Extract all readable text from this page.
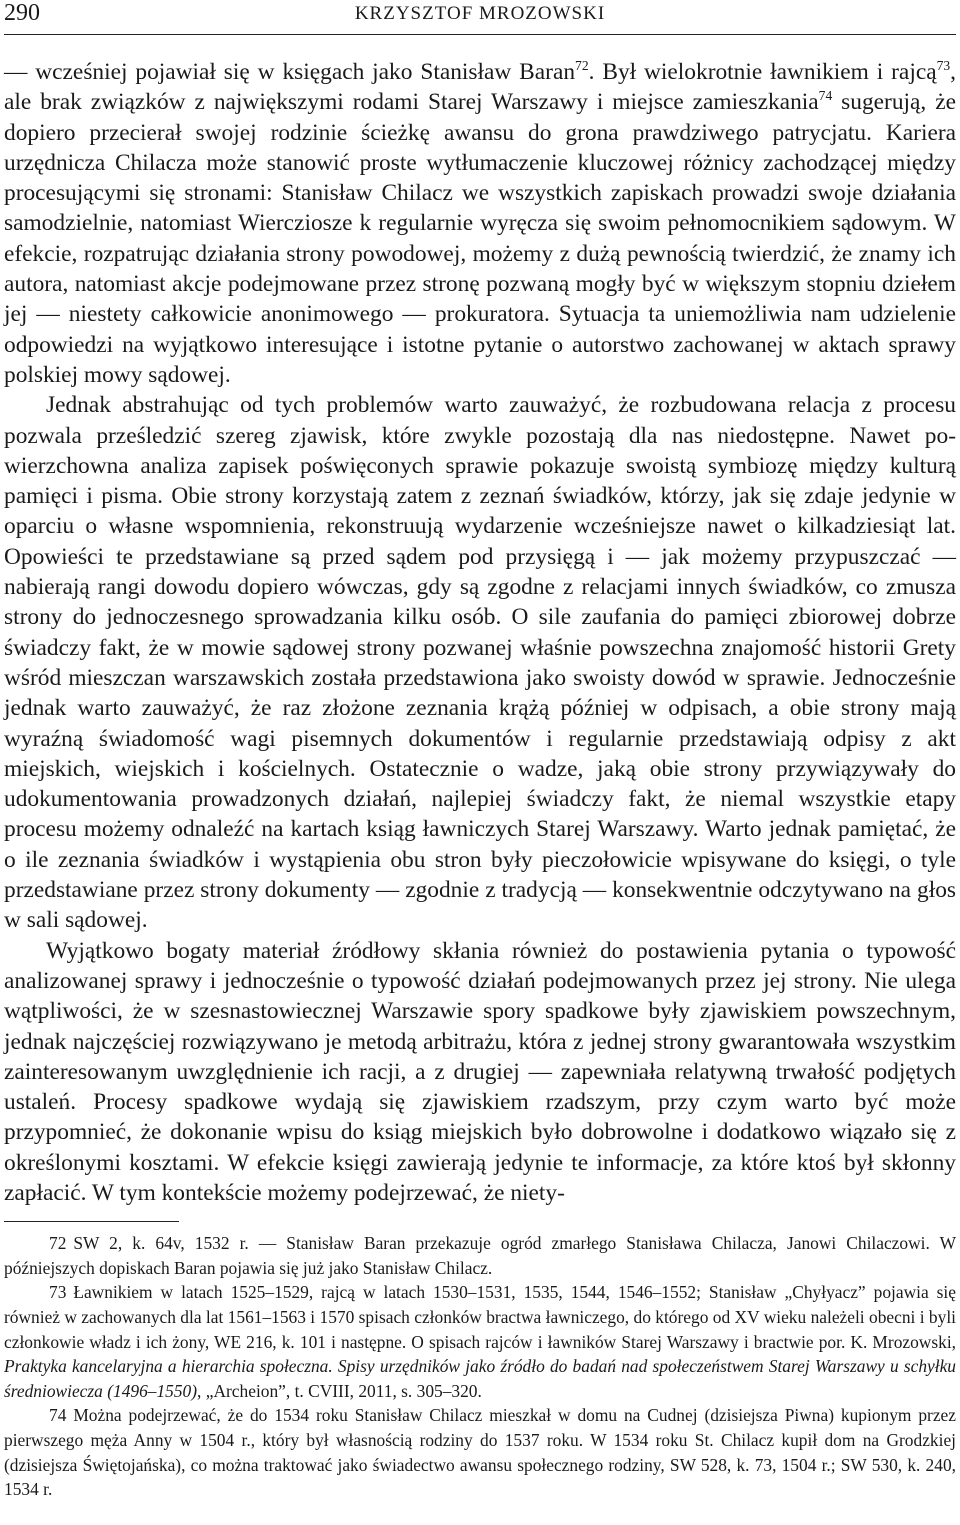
290	KRZYSZTOF MROZOWSKI

— wcześniej pojawiał się w księgach jako Stanisław Baran$^{72}$. Był wielokrotnie ławnikiem i rajcą$^{73}$, ale brak związków z największymi rodami Starej Warszawy i miejsce zamieszkania$^{74}$ sugerują, że dopiero przecierał swojej rodzinie ścieżkę awansu do grona prawdziwego patrycjatu. Kariera urzędnicza Chilacza może stanowić proste wytłumaczenie kluczowej różnicy zachodzącej między procesującymi się stronami: Stanisław Chilacz we wszystkich zapiskach prowadzi swoje działania samodzielnie, natomiast Wiercziosze k regularnie wyręcza się swoim pełnomocnikiem sądowym. W efekcie, rozpatrując działania strony powodowej, możemy z dużą pewnością twierdzić, że znamy ich autora, natomiast akcje podejmowane przez stronę pozwaną mogły być w większym stopniu dziełem jej — niestety całkowicie anonimowego — prokuratora. Sytuacja ta uniemożliwia nam udzielenie odpowiedzi na wyjątkowo interesujące i istotne pytanie o autorstwo zachowanej w aktach sprawy polskiej mowy sądowej.

Jednak abstrahując od tych problemów warto zauważyć, że rozbudowana relacja z procesu pozwala prześledzić szereg zjawisk, które zwykle pozostają dla nas niedostępne. Nawet powierzchowna analiza zapisek poświęconych sprawie pokazuje swoistą symbiozę między kulturą pamięci i pisma. Obie strony korzystają zatem z zeznań świadków, którzy, jak się zdaje jedynie w oparciu o własne wspomnienia, rekonstruują wydarzenie wcześniejsze nawet o kilkadziesiąt lat. Opowieści te przedstawiane są przed sądem pod przysięgą i — jak możemy przypuszczać — nabierają rangi dowodu dopiero wówczas, gdy są zgodne z relacjami innych świadków, co zmusza strony do jednoczesnego sprowadzania kilku osób. O sile zaufania do pamięci zbiorowej dobrze świadczy fakt, że w mowie sądowej strony pozwanej właśnie powszechna znajomość historii Grety wśród mieszczan warszawskich została przedstawiona jako swoisty dowód w sprawie. Jednocześnie jednak warto zauważyć, że raz złożone zeznania krążą później w odpisach, a obie strony mają wyraźną świadomość wagi pisemnych dokumentów i regularnie przedstawiają odpisy z akt miejskich, wiejskich i kościelnych. Ostatecznie o wadze, jaką obie strony przywiązywały do udokumentowania prowadzonych działań, najlepiej świadczy fakt, że niemal wszystkie etapy procesu możemy odnaleźć na kartach ksiąg ławniczych Starej Warszawy. Warto jednak pamiętać, że o ile zeznania świadków i wystąpienia obu stron były pieczołowicie wpisywane do księgi, o tyle przedstawiane przez strony dokumenty — zgodnie z tradycją — konsekwentnie odczytywano na głos w sali sądowej.

Wyjątkowo bogaty materiał źródłowy skłania również do postawienia pytania o typowość analizowanej sprawy i jednocześnie o typowość działań podejmowanych przez jej strony. Nie ulega wątpliwości, że w szesnastowiecznej Warszawie spory spadkowe były zjawiskiem powszechnym, jednak najczęściej rozwiązywano je metodą arbitrażu, która z jednej strony gwarantowała wszystkim zainteresowanym uwzględnienie ich racji, a z drugiej — zapewniała relatywną trwałość podjętych ustaleń. Procesy spadkowe wydają się zjawiskiem rzadszym, przy czym warto być może przypomnieć, że dokonanie wpisu do ksiąg miejskich było dobrowolne i dodatkowo wiązało się z określonymi kosztami. W efekcie księgi zawierają jedynie te informacje, za które ktoś był skłonny zapłacić. W tym kontekście możemy podejrzewać, że niety-

72 SW 2, k. 64v, 1532 r. — Stanisław Baran przekazuje ogród zmarłego Stanisława Chilacza, Janowi Chilaczowi. W późniejszych dopiskach Baran pojawia się już jako Stanisław Chilacz.

73 Ławnikiem w latach 1525–1529, rajcą w latach 1530–1531, 1535, 1544, 1546–1552; Stanisław „Chyłyacz” pojawia się również w zachowanych dla lat 1561–1563 i 1570 spisach członków bractwa ławniczego, do którego od XV wieku należeli obecni i byli członkowie władz i ich żony, WE 216, k. 101 i następne. O spisach rajców i ławników Starej Warszawy i bractwie por. K. Mrozowski, Praktyka kancelaryjna a hierarchia społeczna. Spisy urzędników jako źródło do badań nad społeczeństwem Starej Warszawy u schyłku średniowiecza (1496–1550), „Archeion”, t. CVIII, 2011, s. 305–320.

74 Można podejrzewać, że do 1534 roku Stanisław Chilacz mieszkał w domu na Cudnej (dzisiejsza Piwna) kupionym przez pierwszego męża Anny w 1504 r., który był własnością rodziny do 1537 roku. W 1534 roku St. Chilacz kupił dom na Grodzkiej (dzisiejsza Świętojańska), co można traktować jako świadectwo awansu społecznego rodziny, SW 528, k. 73, 1504 r.; SW 530, k. 240, 1534 r.
